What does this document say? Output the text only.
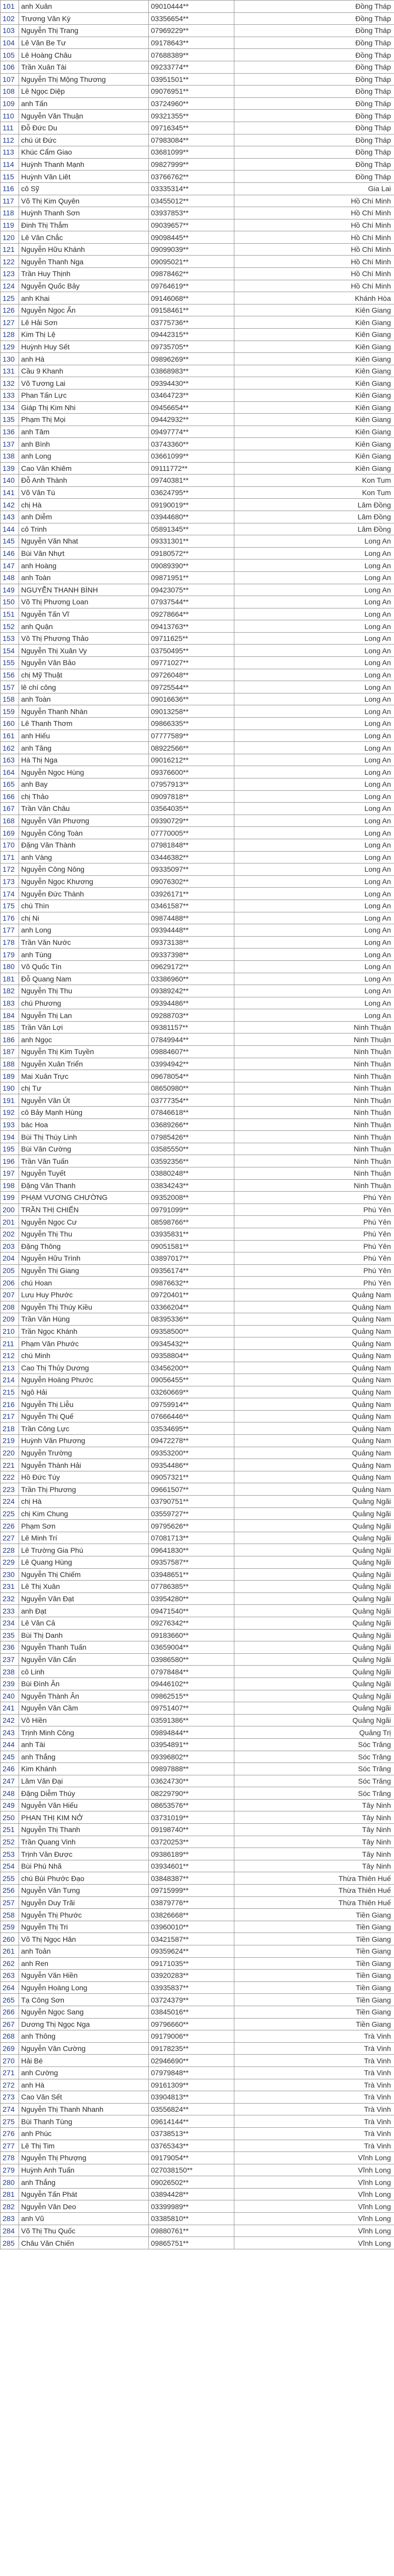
101	anh Xuân	09010444**	Đồng Tháp
102	Trương Văn Kỳ	03356654**	Đồng Tháp
103	Nguyễn Thị Trang	07969229**	Đồng Tháp
104	Lê Văn Be Tư	09178643**	Đồng Tháp
105	Lê Hoàng Châu	07688389**	Đồng Tháp
106	Trần Xuân Tài	09233774**	Đồng Tháp
107	Nguyễn Thị Mộng Thương	03951501**	Đồng Tháp
108	Lê Ngọc Diệp	09076951**	Đồng Tháp
109	anh Tấn	03724960**	Đồng Tháp
110	Nguyễn Văn Thuận	09321355**	Đồng Tháp
111	Đỗ Đức Du	09716345**	Đồng Tháp
112	chú út Đức	07983084**	Đồng Tháp
113	Khúc Cẩm Giao	03681099**	Đồng Tháp
114	Huỳnh Thanh Mạnh	09827999**	Đồng Tháp
115	Huỳnh Văn Liêt	03766762**	Đồng Tháp
116	cô Sỹ	03335314**	Gia Lai
117	Võ Thị Kim Quyên	03455012**	Hồ Chí Minh
118	Huỳnh Thanh Sơn	03937853**	Hồ Chí Minh
119	Đinh Thị Thắm	09039657**	Hồ Chí Minh
120	Lê Văn Chắc	09098445**	Hồ Chí Minh
121	Nguyễn Hữu Khánh	09099039**	Hồ Chí Minh
122	Nguyễn Thanh Nga	09095021**	Hồ Chí Minh
123	Trần Huy Thịnh	09878462**	Hồ Chí Minh
124	Nguyễn Quốc Bảy	09764619**	Hồ Chí Minh
125	anh Khai	09146068**	Khánh Hòa
126	Nguyễn Ngọc Ấn	09158461**	Kiên Giang
127	Lê Hải Sơn	03775736**	Kiên Giang
128	Kim Thị Lệ	09442315**	Kiên Giang
129	Huỳnh Huy Sết	09735705**	Kiên Giang
130	anh Hà	09896269**	Kiên Giang
131	Cầu 9 Khanh	03868983**	Kiên Giang
132	Võ Tương Lai	09394430**	Kiên Giang
133	Phan Tấn Lực	03464723**	Kiên Giang
134	Giáp Thị Kim Nhi	09456654**	Kiên Giang
135	Phạm Thị Mọi	09442932**	Kiên Giang
136	anh Tâm	09497774**	Kiên Giang
137	anh Bình	03743360**	Kiên Giang
138	anh Long	03661099**	Kiên Giang
139	Cao Văn Khiêm	09111772**	Kiên Giang
140	Đỗ Anh Thành	09740381**	Kon Tum
141	Võ Văn Tú	03624795**	Kon Tum
142	chị Hà	09190019**	Lâm Đồng
143	anh Diễm	03944680**	Lâm Đồng
144	cô Trinh	05891345**	Lâm Đồng
145	Nguyễn Văn Nhat	09331301**	Long An
146	Bùi Văn Nhựt	09180572**	Long An
147	anh Hoàng	09089390**	Long An
148	anh Toàn	09871951**	Long An
149	NGUYỄN THANH BÌNH	09423075**	Long An
150	Võ Thị Phương Loan	07937544**	Long An
151	Nguyễn Tấn Vĩ	09278664**	Long An
152	anh Quận	09413763**	Long An
153	Võ Thị Phương Thảo	09711625**	Long An
154	Nguyễn Thị Xuân Vy	03750495**	Long An
155	Nguyễn Văn Bảo	09771027**	Long An
156	chị Mỹ Thuật	09726048**	Long An
157	lê chí công	09725544**	Long An
158	anh Toàn	09016636**	Long An
159	Nguyễn Thanh Nhàn	09013258**	Long An
160	Lê Thanh Thơm	09866335**	Long An
161	anh Hiếu	07777589**	Long An
162	anh Tăng	08922566**	Long An
163	Hà Thị Nga	09016212**	Long An
164	Nguyễn Ngọc Hùng	09376600**	Long An
165	anh Bay	07957913**	Long An
166	chị Thảo	09097818**	Long An
167	Trần Văn Châu	03564035**	Long An
168	Nguyễn Văn Phương	09390729**	Long An
169	Nguyễn Công Toàn	07770005**	Long An
170	Đặng Văn Thành	07981848**	Long An
171	anh Vàng	03446382**	Long An
172	Nguyễn Công Nông	09335097**	Long An
173	Nguyễn Ngọc Khương	09076302**	Long An
174	Nguyễn Đức Thành	03926171**	Long An
175	chú Thìn	03461587**	Long An
176	chị Ni	09874488**	Long An
177	anh Long	09394448**	Long An
178	Trần Văn Nước	09373138**	Long An
179	anh Tùng	09337398**	Long An
180	Võ Quốc Tín	09629172**	Long An
181	Đỗ Quang Nam	03386960**	Long An
182	Nguyễn Thị Thu	09389242**	Long An
183	chú Phương	09394486**	Long An
184	Nguyễn Thị Lan	09288703**	Long An
185	Trần Văn Lợi	09381157**	Ninh Thuận
186	anh Ngọc	07849944**	Ninh Thuận
187	Nguyễn Thị Kim Tuyền	09884607**	Ninh Thuận
188	Nguyễn Xuân Triển	03994942**	Ninh Thuận
189	Mai Xuân Trực	09678054**	Ninh Thuận
190	chị Tư	08650980**	Ninh Thuận
191	Nguyễn Văn Út	03777354**	Ninh Thuận
192	cô Bảy Mạnh Hùng	07846618**	Ninh Thuận
193	bác Hoa	03689266**	Ninh Thuận
194	Bùi Thị Thúy Linh	07985426**	Ninh Thuận
195	Bùi Văn Cường	03585550**	Ninh Thuận
196	Trần Văn Tuấn	03592356**	Ninh Thuận
197	Nguyễn Tuyết	03880248**	Ninh Thuận
198	Đặng Văn Thanh	03834243**	Ninh Thuận
199	PHẠM VƯƠNG CHƯỜNG	09352008**	Phú Yên
200	TRẦN THỊ CHIẾN	09791099**	Phú Yên
201	Nguyễn Ngọc Cư	08598766**	Phú Yên
202	Nguyễn Thị Thu	03935831**	Phú Yên
203	Đặng Thông	09051581**	Phú Yên
204	Nguyễn Hữu Trình	03897017**	Phú Yên
205	Nguyễn Thị Giang	09356174**	Phú Yên
206	chú Hoan	09876632**	Phú Yên
207	Lưu Huy Phước	09720401**	Quảng Nam
208	Nguyễn Thị Thúy Kiều	03366204**	Quảng Nam
209	Trần Văn Hùng	08395336**	Quảng Nam
210	Trần Ngọc Khánh	09358500**	Quảng Nam
211	Phạm Văn Phước	09345432**	Quảng Nam
212	chú Minh	09358804**	Quảng Nam
213	Cao Thị Thủy Dương	03456200**	Quảng Nam
214	Nguyễn Hoàng Phước	09056455**	Quảng Nam
215	Ngô Hải	03260669**	Quảng Nam
216	Nguyễn Thị Liễu	09759914**	Quảng Nam
217	Nguyễn Thị Quế	07666446**	Quảng Nam
218	Trần Công Lực	03534695**	Quảng Nam
219	Huỳnh Văn Phương	09472278**	Quảng Nam
220	Nguyễn Trường	09353200**	Quảng Nam
221	Nguyễn Thành Hải	09354486**	Quảng Nam
222	Hồ Đức Túy	09057321**	Quảng Nam
223	Trần Thị Phương	09661507**	Quảng Nam
224	chị Hà	03790751**	Quảng Ngãi
225	chị Kim Chung	03559727**	Quảng Ngãi
226	Phạm Sơn	09795626**	Quảng Ngãi
227	Lê Minh Trí	07081713**	Quảng Ngãi
228	Lê Trường Gia Phú	09641830**	Quảng Ngãi
229	Lê Quang Hùng	09357587**	Quảng Ngãi
230	Nguyễn Thị Chiếm	03948651**	Quảng Ngãi
231	Lê Thị Xuân	07786385**	Quảng Ngãi
232	Nguyễn Văn Đạt	03954280**	Quảng Ngãi
233	anh Đạt	09471540**	Quảng Ngãi
234	Lê Văn Cả	09276342**	Quảng Ngãi
235	Bùi Thị Danh	09183660**	Quảng Ngãi
236	Nguyễn Thanh Tuấn	03659004**	Quảng Ngãi
237	Nguyễn Văn Cẩn	03986580**	Quảng Ngãi
238	cô Linh	07978484**	Quảng Ngãi
239	Bùi Đình Ân	09446102**	Quảng Ngãi
240	Nguyễn Thành Ân	09862515**	Quảng Ngãi
241	Nguyễn Văn Cầm	09751407**	Quảng Ngãi
242	Võ Hiền	03591386**	Quảng Ngãi
243	Trịnh Minh Công	09894844**	Quảng Trị
244	anh Tài	03954891**	Sóc Trăng
245	anh Thắng	09396802**	Sóc Trăng
246	Kim Khánh	09897888**	Sóc Trăng
247	Lâm Văn Đại	03624730**	Sóc Trăng
248	Đặng Diễm Thúy	08229790**	Sóc Trăng
249	Nguyễn Văn Hiếu	08653576**	Tây Ninh
250	PHAN THỊ KIM NỞ	03731019**	Tây Ninh
251	Nguyễn Thị Thanh	09198740**	Tây Ninh
252	Trần Quang Vinh	03720253**	Tây Ninh
253	Trịnh Văn Được	09386189**	Tây Ninh
254	Bùi Phú Nhã	03934601**	Tây Ninh
255	chú Bùi Phước Đạo	03848387**	Thừa Thiên Huế
256	Nguyễn Văn Tưng	09715999**	Thừa Thiên Huế
257	Nguyễn Duy Trãi	03879776**	Thừa Thiên Huế
258	Nguyễn Thị Phước	03826668**	Tiền Giang
259	Nguyễn Thị Tri	03960010**	Tiền Giang
260	Võ Thị Ngọc Hân	03421587**	Tiền Giang
261	anh Toản	09359624**	Tiền Giang
262	anh Ren	09171035**	Tiền Giang
263	Nguyễn Văn Hiền	03920283**	Tiền Giang
264	Nguyễn Hoàng Long	03935837**	Tiền Giang
265	Tạ Công Sơn	03724379**	Tiền Giang
266	Nguyễn Ngọc Sang	03845016**	Tiền Giang
267	Dương Thị Ngọc Nga	09796660**	Tiền Giang
268	anh Thông	09179006**	Trà Vinh
269	Nguyễn Văn Cường	09178235**	Trà Vinh
270	Hải Bé	02946690**	Trà Vinh
271	anh Cường	07979848**	Trà Vinh
272	anh Hà	09161309**	Trà Vinh
273	Cao Văn Sết	03904813**	Trà Vinh
274	Nguyễn Thị Thanh Nhanh	03556824**	Trà Vinh
275	Bùi Thanh Tùng	09614144**	Trà Vinh
276	anh Phúc	03738513**	Trà Vinh
277	Lê Thị Tim	03765343**	Trà Vinh
278	Nguyễn Thị Phượng	09179054**	Vĩnh Long
279	Huỳnh Anh Tuấn	027038150**	Vĩnh Long
280	anh Thắng	09026502**	Vĩnh Long
281	Nguyễn Tấn Phát	03894428**	Vĩnh Long
282	Nguyễn Văn Deo	03399989**	Vĩnh Long
283	anh Vũ	03385810**	Vĩnh Long
284	Võ Thị Thu Quốc	09880761**	Vĩnh Long
285	Châu Văn Chiến	09865751**	Vĩnh Long
